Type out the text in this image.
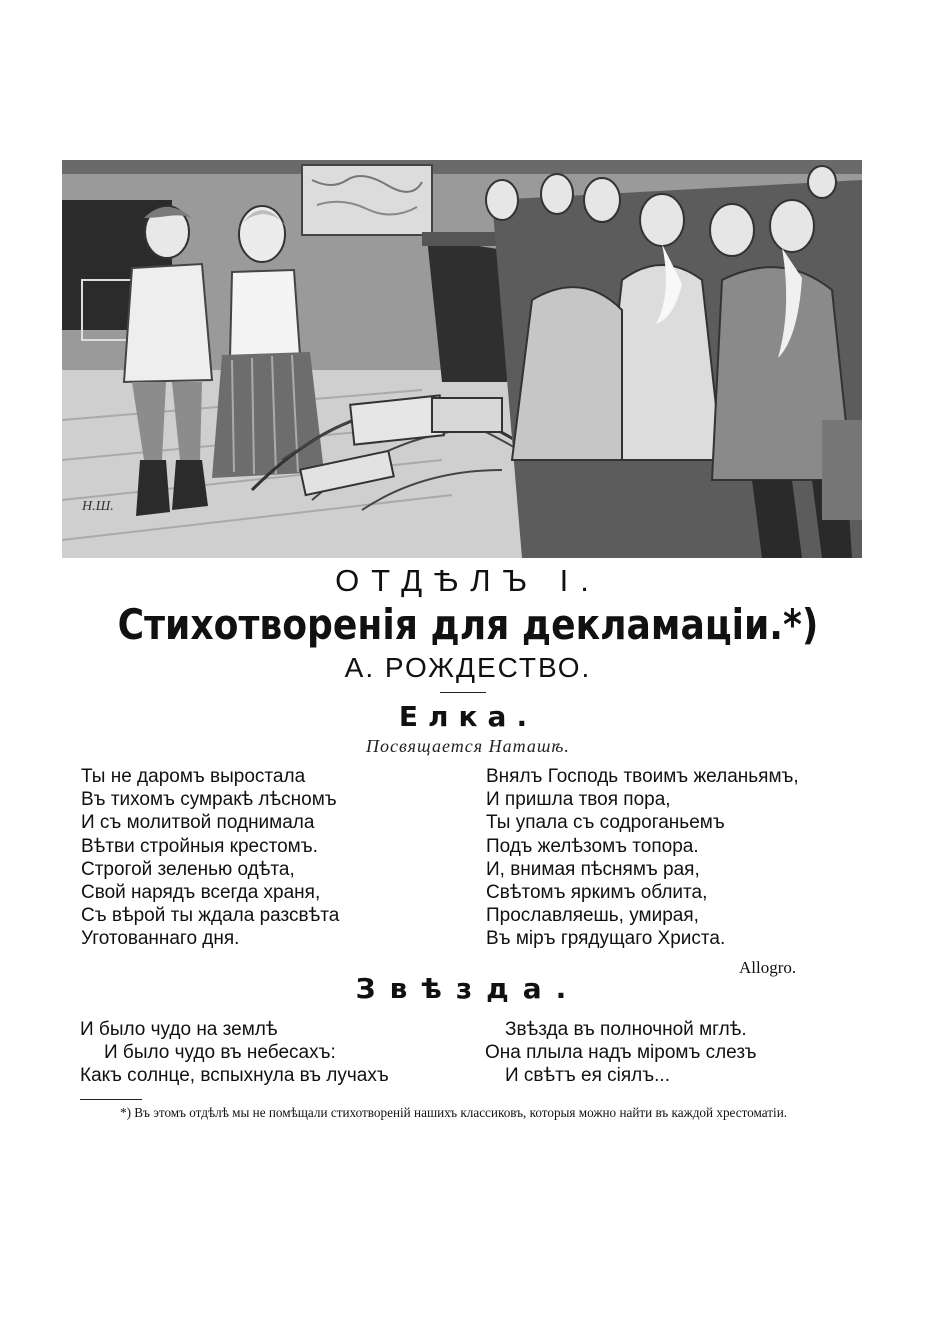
Н.Ш.
ОТДѢЛЪ I.
Стихотворенія для декламаціи.*)
А. РОЖДЕСТВО.
Елка.
Посвящается Наташѣ.
Ты не даромъ выростала
Въ тихомъ сумракѣ лѣсномъ
И съ молитвой поднимала
Вѣтви стройныя крестомъ.
Строгой зеленью одѣта,
Свой нарядъ всегда храня,
Съ вѣрой ты ждала разсвѣта
Уготованнаго дня.
Внялъ Господь твоимъ желаньямъ,
И пришла твоя пора,
Ты упала съ содроганьемъ
Подъ желѣзомъ топора.
И, внимая пѣснямъ рая,
Свѣтомъ яркимъ облита,
Прославляешь, умирая,
Въ міръ грядущаго Христа.
Allogro.
Звѣзда.
И было чудо на землѣ
И было чудо въ небесахъ:
Какъ солнце, вспыхнула въ лучахъ
Звѣзда въ полночной мглѣ.
Она плыла надъ міромъ слезъ
И свѣтъ ея сіялъ...
*) Въ этомъ отдѣлѣ мы не помѣщали стихотвореній нашихъ классиковъ, которыя можно найти въ каждой хрестоматіи.
